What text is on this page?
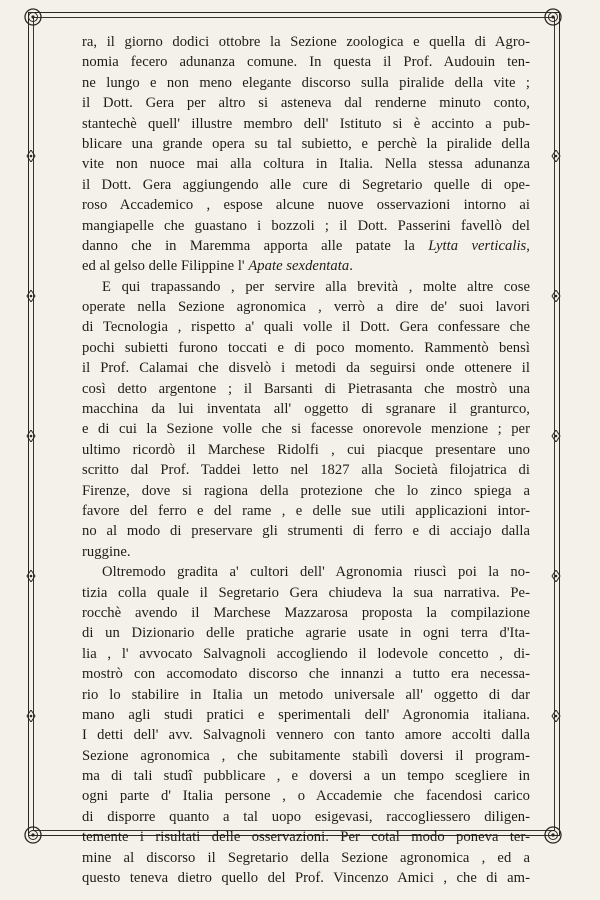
ra, il giorno dodici ottobre la Sezione zoologica e quella di Agro-
nomia fecero adunanza comune. In questa il Prof. Audouin ten-
ne lungo e non meno elegante discorso sulla piralide della vite ;
il Dott. Gera per altro si asteneva dal renderne minuto conto,
stantechè quell' illustre membro dell' Istituto si è accinto a pub-
blicare una grande opera su tal subietto, e perchè la piralide della
vite non nuoce mai alla coltura in Italia. Nella stessa adunanza
il Dott. Gera aggiungendo alle cure di Segretario quelle di ope-
roso Accademico , espose alcune nuove osservazioni intorno ai
mangiapelle che guastano i bozzoli ; il Dott. Passerini favellò del
danno che in Maremma apporta alle patate la Lytta verticalis,
ed al gelso delle Filippine l' Apate sexdentata.
E qui trapassando , per servire alla brevità , molte altre cose
operate nella Sezione agronomica , verrò a dire de' suoi lavori
di Tecnologia , rispetto a' quali volle il Dott. Gera confessare che
pochi subietti furono toccati e di poco momento. Rammentò bensì
il Prof. Calamai che disvelò i metodi da seguirsi onde ottenere il
così detto argentone ; il Barsanti di Pietrasanta che mostrò una
macchina da lui inventata all' oggetto di sgranare il granturco,
e di cui la Sezione volle che si facesse onorevole menzione ; per
ultimo ricordò il Marchese Ridolfi , cui piacque presentare uno
scritto dal Prof. Taddei letto nel 1827 alla Società filojatrica di
Firenze, dove si ragiona della protezione che lo zinco spiega a
favore del ferro e del rame , e delle sue utili applicazioni intor-
no al modo di preservare gli strumenti di ferro e di acciajo dalla
ruggine.
Oltremodo gradita a' cultori dell' Agronomia riuscì poi la no-
tizia colla quale il Segretario Gera chiudeva la sua narrativa. Pe-
rocchè avendo il Marchese Mazzarosa proposta la compilazione
di un Dizionario delle pratiche agrarie usate in ogni terra d'Ita-
lia , l' avvocato Salvagnoli accogliendo il lodevole concetto , di-
mostrò con accomodato discorso che innanzi a tutto era necessa-
rio lo stabilire in Italia un metodo universale all' oggetto di dar
mano agli studi pratici e sperimentali dell' Agronomia italiana.
I detti dell' avv. Salvagnoli vennero con tanto amore accolti dalla
Sezione agronomica , che subitamente stabilì doversi il program-
ma di tali studî pubblicare , e doversi a un tempo scegliere in
ogni parte d' Italia persone , o Accademie che facendosi carico
di disporre quanto a tal uopo esigevasi, raccogliessero diligen-
temente i risultati delle osservazioni. Per cotal modo poneva ter-
mine al discorso il Segretario della Sezione agronomica , ed a
questo teneva dietro quello del Prof. Vincenzo Amici , che di am-
